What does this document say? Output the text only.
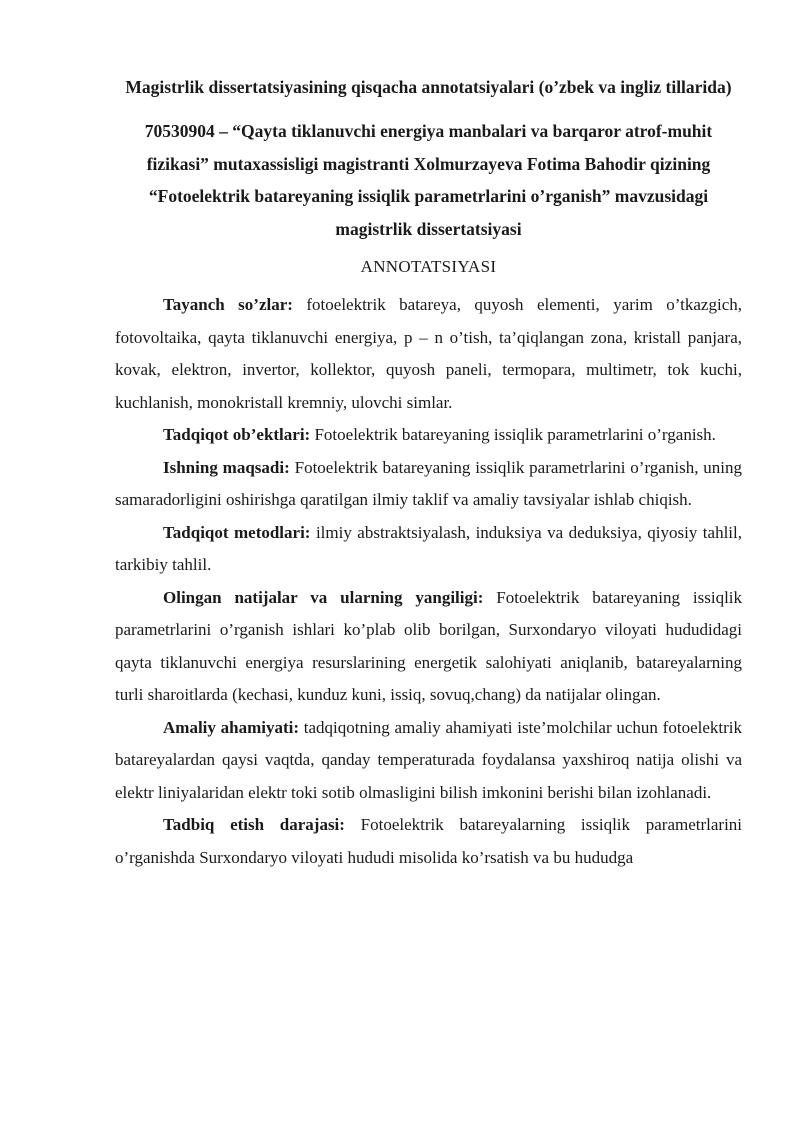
Magistrlik dissertatsiyasining qisqacha annotatsiyalari (o’zbek va ingliz tillarida)

70530904 – “Qayta tiklanuvchi energiya manbalari va barqaror atrof-muhit fizikasi” mutaxassisligi magistranti Xolmurzayeva Fotima Bahodir qizining “Fotoelektrik batareyaning issiqlik parametrlarini o’rganish” mavzusidagi magistrlik dissertatsiyasi

ANNOTATSIYASI

Tayanch so’zlar: fotoelektrik batareya, quyosh elementi, yarim o’tkazgich, fotovoltaika, qayta tiklanuvchi energiya, p – n o’tish, ta’qiqlangan zona, kristall panjara, kovak, elektron, invertor, kollektor, quyosh paneli, termopara, multimetr, tok kuchi, kuchlanish, monokristall kremniy, ulovchi simlar.

Tadqiqot ob’ektlari: Fotoelektrik batareyaning issiqlik parametrlarini o’rganish.

Ishning maqsadi: Fotoelektrik batareyaning issiqlik parametrlarini o’rganish, uning samaradorligini oshirishga qaratilgan ilmiy taklif va amaliy tavsiyalar ishlab chiqish.

Tadqiqot metodlari: ilmiy abstraktsiyalash, induksiya va deduksiya, qiyosiy tahlil, tarkibiy tahlil.

Olingan natijalar va ularning yangiligi: Fotoelektrik batareyaning issiqlik parametrlarini o’rganish ishlari ko’plab olib borilgan, Surxondaryo viloyati hududidagi qayta tiklanuvchi energiya resurslarining energetik salohiyati aniqlanib, batareyalarning turli sharoitlarda (kechasi, kunduz kuni, issiq, sovuq,chang) da natijalar olingan.

Amaliy ahamiyati: tadqiqotning amaliy ahamiyati iste’molchilar uchun fotoelektrik batareyalardan qaysi vaqtda, qanday temperaturada foydalansa yaxshiroq natija olishi va elektr liniyalaridan elektr toki sotib olmasligini bilish imkonini berishi bilan izohlanadi.

Tadbiq etish darajasi: Fotoelektrik batareyalarning issiqlik parametrlarini o’rganishda Surxondaryo viloyati hududi misolida ko’rsatish va bu hududga
